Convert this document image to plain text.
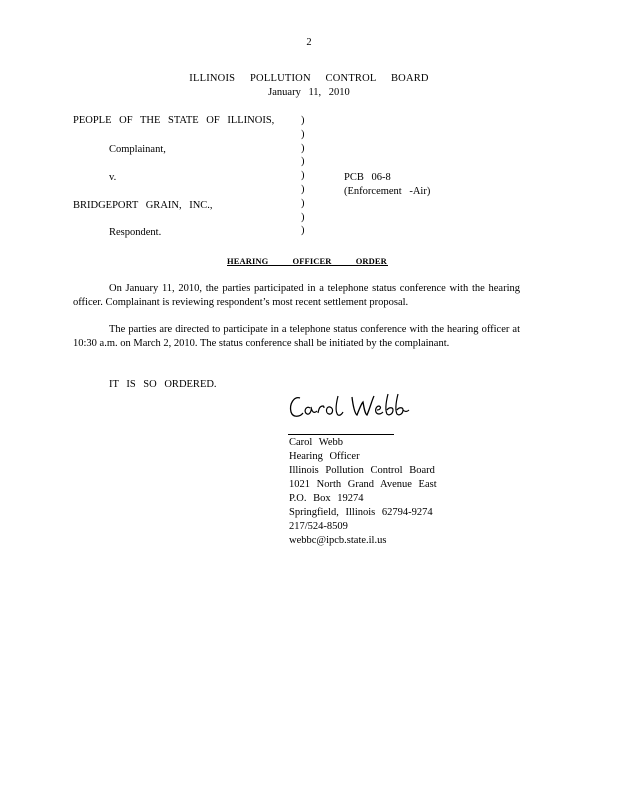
2
ILLINOIS POLLUTION CONTROL BOARD
January 11, 2010
PEOPLE OF THE STATE OF ILLINOIS,
Complainant,
v.
BRIDGEPORT GRAIN, INC.,
Respondent.
)
)
)
)
)
)
)
)
)
PCB 06-8
(Enforcement -Air)
HEARING OFFICER ORDER
On January 11, 2010, the parties participated in a telephone status conference with the hearing officer. Complainant is reviewing respondent’s most recent settlement proposal.
The parties are directed to participate in a telephone status conference with the hearing officer at 10:30 a.m. on March 2, 2010. The status conference shall be initiated by the complainant.
IT IS SO ORDERED.
Carol Webb
Hearing Officer
Illinois Pollution Control Board
1021 North Grand Avenue East
P.O. Box 19274
Springfield, Illinois 62794-9274
217/524-8509
webbc@ipcb.state.il.us
